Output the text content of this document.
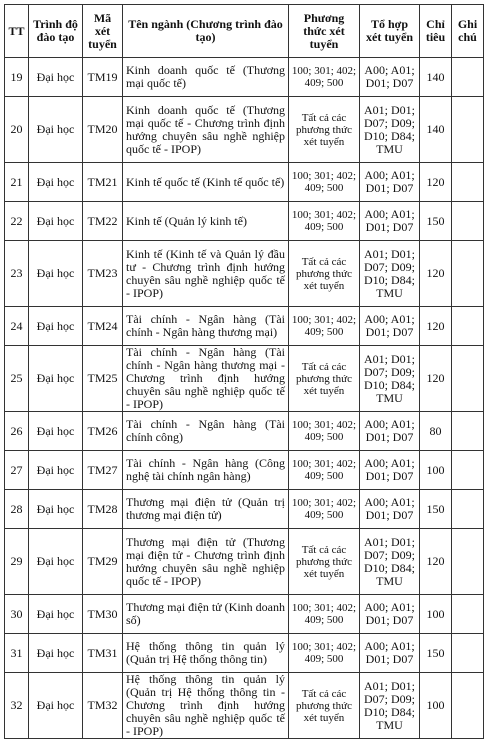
TT	Trình độ đào tạo	Mã xét tuyển	Tên ngành (Chương trình đào tạo)	Phương thức xét tuyển	Tổ hợp xét tuyển	Chỉ tiêu	Ghi chú
19	Đại học	TM19	Kinh doanh quốc tế (Thương mại quốc tế)	100; 301; 402; 409; 500	A00; A01; D01; D07	140	
20	Đại học	TM20	Kinh doanh quốc tế (Thương mại quốc tế - Chương trình định hướng chuyên sâu nghề nghiệp quốc tế - IPOP)	Tất cả các phương thức xét tuyển	A01; D01; D07; D09; D10; D84; TMU	140	
21	Đại học	TM21	Kinh tế quốc tế (Kinh tế quốc tế)	100; 301; 402; 409; 500	A00; A01; D01; D07	120	
22	Đại học	TM22	Kinh tế (Quản lý kinh tế)	100; 301; 402; 409; 500	A00; A01; D01; D07	150	
23	Đại học	TM23	Kinh tế (Kinh tế và Quản lý đầu tư - Chương trình định hướng chuyên sâu nghề nghiệp quốc tế - IPOP)	Tất cả các phương thức xét tuyển	A01; D01; D07; D09; D10; D84; TMU	120	
24	Đại học	TM24	Tài chính - Ngân hàng (Tài chính - Ngân hàng thương mại)	100; 301; 402; 409; 500	A00; A01; D01; D07	120	
25	Đại học	TM25	Tài chính - Ngân hàng (Tài chính - Ngân hàng thương mại - Chương trình định hướng chuyên sâu nghề nghiệp quốc tế - IPOP)	Tất cả các phương thức xét tuyển	A01; D01; D07; D09; D10; D84; TMU	120	
26	Đại học	TM26	Tài chính - Ngân hàng (Tài chính công)	100; 301; 402; 409; 500	A00; A01; D01; D07	80	
27	Đại học	TM27	Tài chính - Ngân hàng (Công nghệ tài chính ngân hàng)	100; 301; 402; 409; 500	A00; A01; D01; D07	100	
28	Đại học	TM28	Thương mại điện tử (Quản trị thương mại điện tử)	100; 301; 402; 409; 500	A00; A01; D01; D07	150	
29	Đại học	TM29	Thương mại điện tử (Thương mại điện tử - Chương trình định hướng chuyên sâu nghề nghiệp quốc tế - IPOP)	Tất cả các phương thức xét tuyển	A01; D01; D07; D09; D10; D84; TMU	120	
30	Đại học	TM30	Thương mại điện tử (Kinh doanh số)	100; 301; 402; 409; 500	A00; A01; D01; D07	100	
31	Đại học	TM31	Hệ thống thông tin quản lý (Quản trị Hệ thống thông tin)	100; 301; 402; 409; 500	A00; A01; D01; D07	150	
32	Đại học	TM32	Hệ thống thông tin quản lý (Quản trị Hệ thống thông tin - Chương trình định hướng chuyên sâu nghề nghiệp quốc tế - IPOP)	Tất cả các phương thức xét tuyển	A01; D01; D07; D09; D10; D84; TMU	100	
